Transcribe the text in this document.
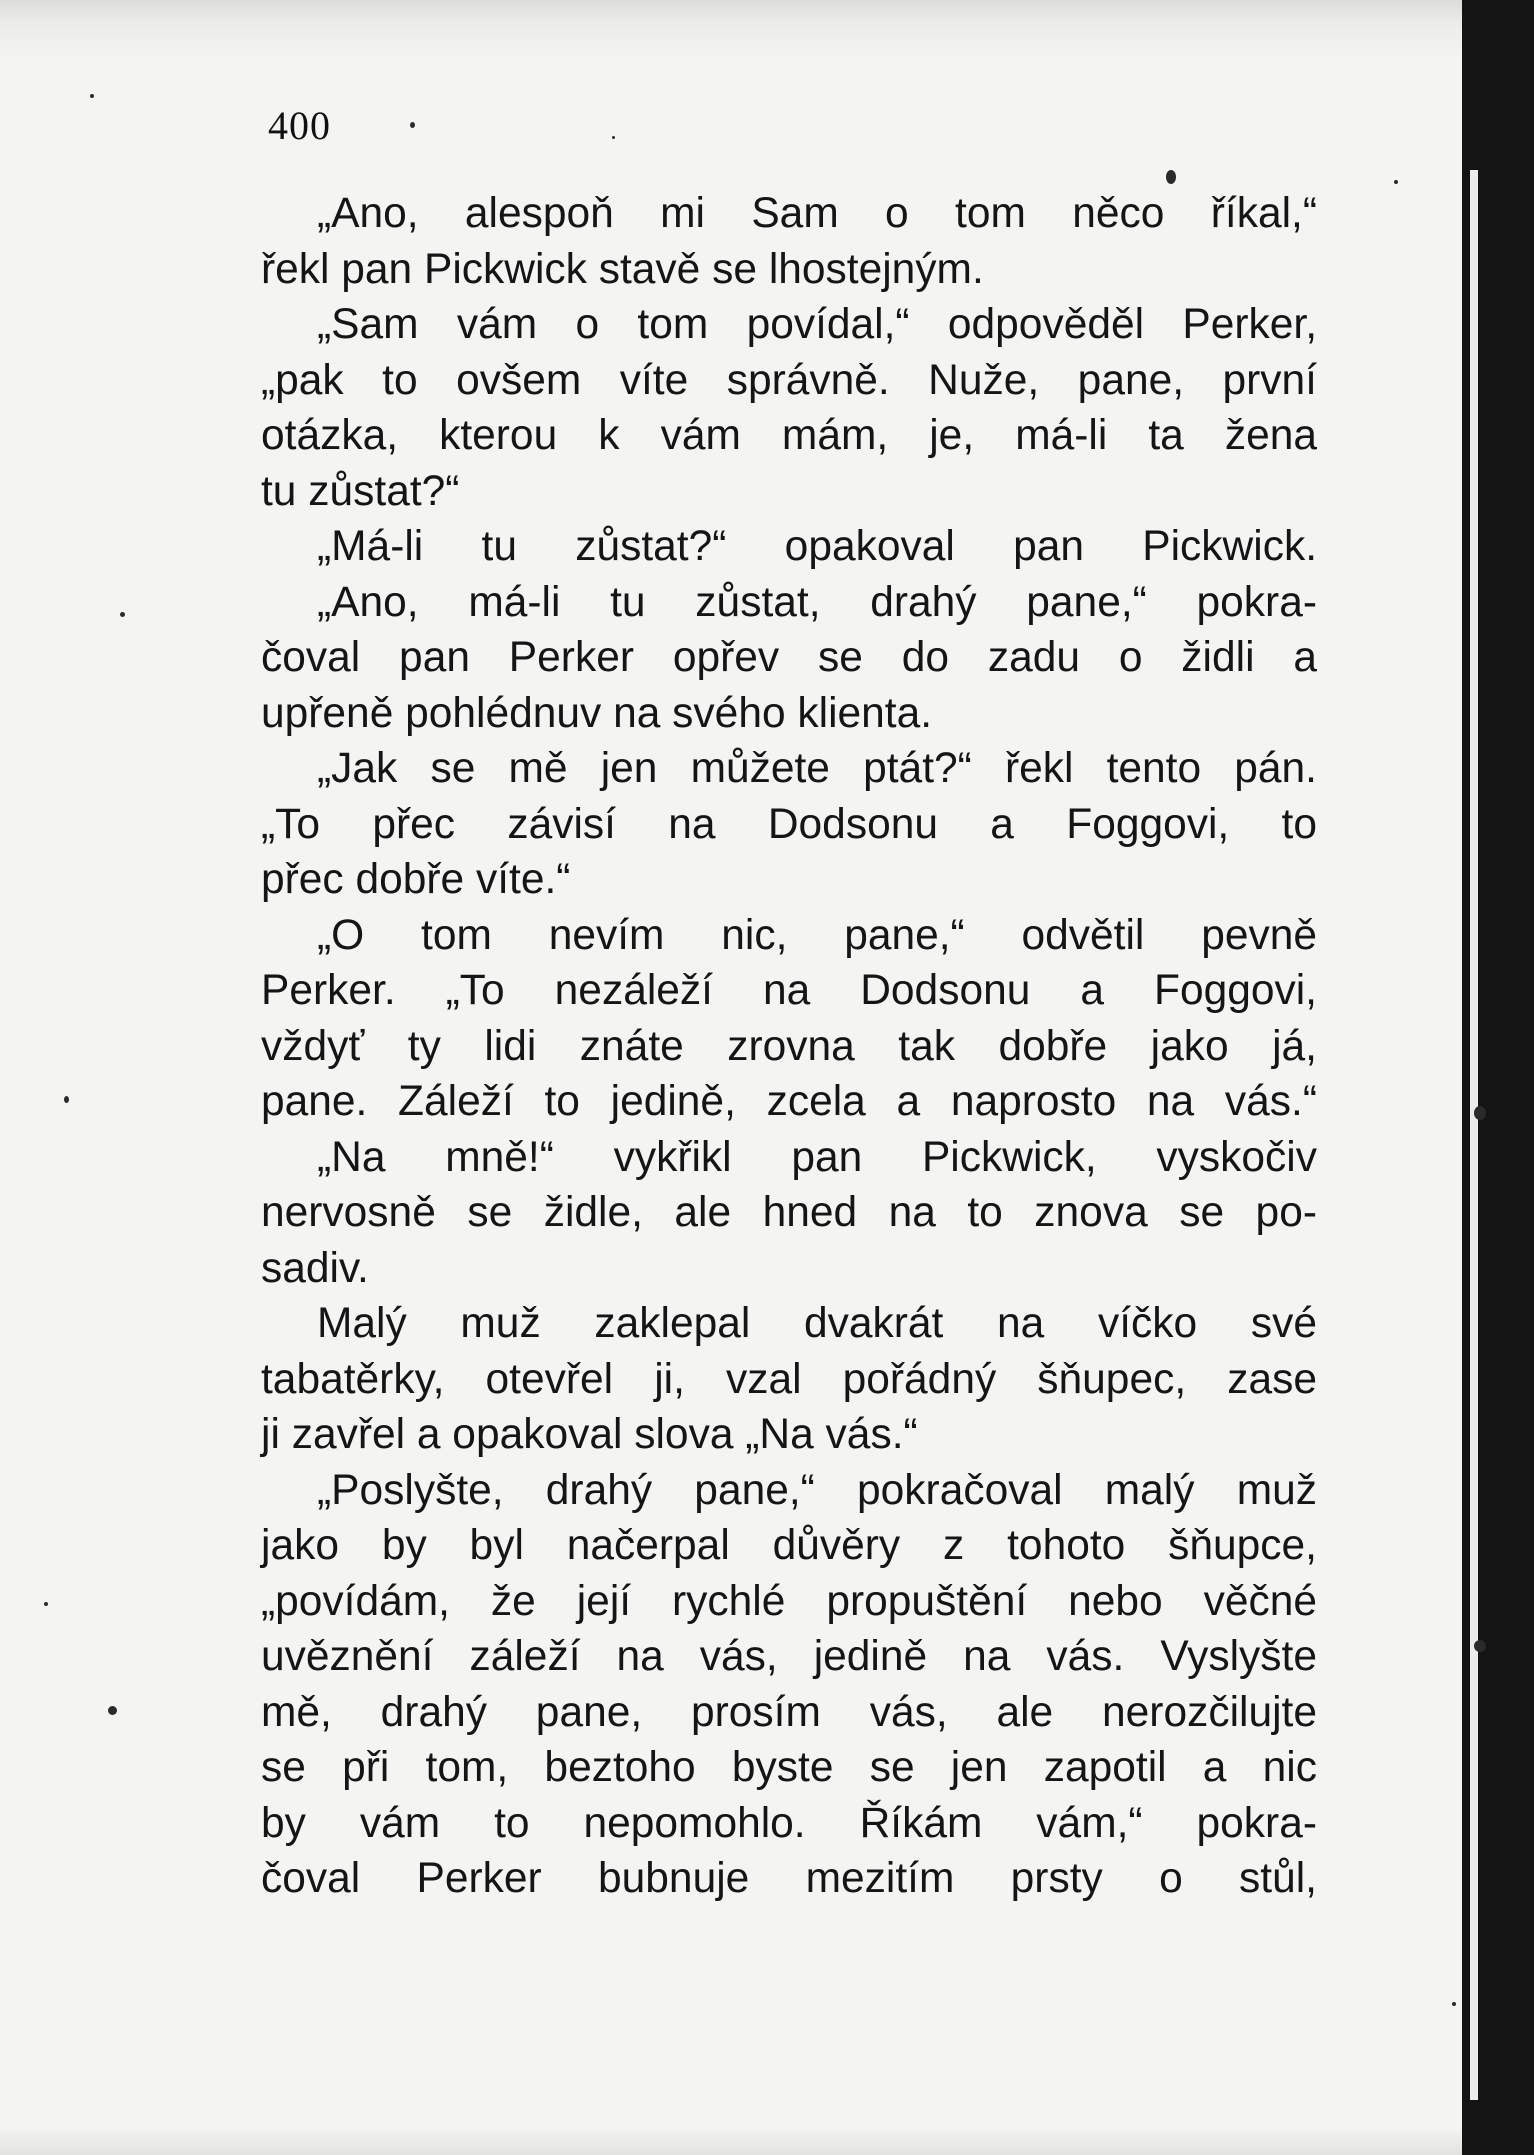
400
„Ano, alespoň mi Sam o tom něco říkal,“
řekl pan Pickwick stavě se lhostejným.
„Sam vám o tom povídal,“ odpověděl Perker,
„pak to ovšem víte správně. Nuže, pane, první
otázka, kterou k vám mám, je, má-li ta žena
tu zůstat?“
„Má-li tu zůstat?“ opakoval pan Pickwick.
„Ano, má-li tu zůstat, drahý pane,“ pokra-
čoval pan Perker opřev se do zadu o židli a
upřeně pohlédnuv na svého klienta.
„Jak se mě jen můžete ptát?“ řekl tento pán.
„To přec závisí na Dodsonu a Foggovi, to
přec dobře víte.“
„O tom nevím nic, pane,“ odvětil pevně
Perker. „To nezáleží na Dodsonu a Foggovi,
vždyť ty lidi znáte zrovna tak dobře jako já,
pane. Záleží to jedině, zcela a naprosto na vás.“
„Na mně!“ vykřikl pan Pickwick, vyskočiv
nervosně se židle, ale hned na to znova se po-
sadiv.
Malý muž zaklepal dvakrát na víčko své
tabatěrky, otevřel ji, vzal pořádný šňupec, zase
ji zavřel a opakoval slova „Na vás.“
„Poslyšte, drahý pane,“ pokračoval malý muž
jako by byl načerpal důvěry z tohoto šňupce,
„povídám, že její rychlé propuštění nebo věčné
uvěznění záleží na vás, jedině na vás. Vyslyšte
mě, drahý pane, prosím vás, ale nerozčilujte
se při tom, beztoho byste se jen zapotil a nic
by vám to nepomohlo. Říkám vám,“ pokra-
čoval Perker bubnuje mezitím prsty o stůl,
